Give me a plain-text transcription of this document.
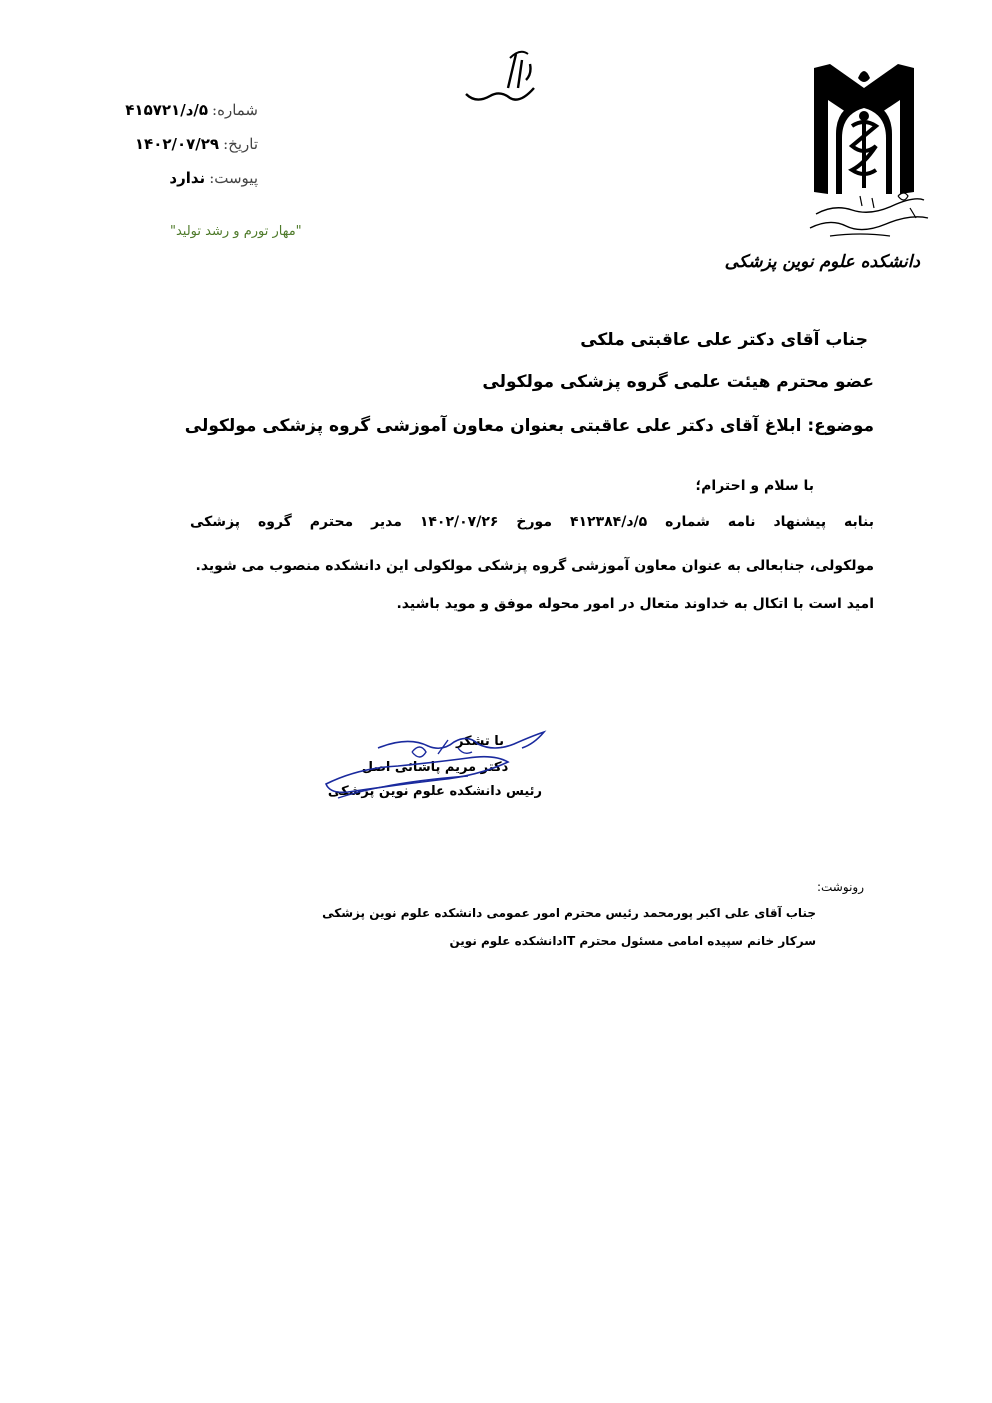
دانشکده علوم نوین پزشکی
شماره:
۵/د/۴۱۵۷۲۱
تاریخ:
۱۴۰۲/۰۷/۲۹
پیوست:
ندارد
"مهار تورم و رشد تولید"
جناب آقای دکتر علی عاقبتی ملکی
عضو محترم هیئت علمی گروه پزشکی مولکولی
موضوع: ابلاغ آقای دکتر علی عاقبتی بعنوان معاون آموزشی گروه پزشکی مولکولی
با سلام و احترام؛
بنابه پیشنهاد نامه شماره ۵/د/۴۱۲۳۸۴ مورخ ۱۴۰۲/۰۷/۲۶ مدیر محترم گروه پزشکی
مولکولی، جنابعالی به عنوان معاون آموزشی گروه پزشکی مولکولی این دانشکده منصوب می شوید.
امید است با اتکال به خداوند متعال در امور محوله موفق و موید باشید.
با تشکر
دکتر مریم پاشائی اصل
رئیس دانشکده علوم نوین پزشکی
رونوشت:
جناب آقای علی اکبر پورمحمد رئیس محترم امور عمومی دانشکده علوم نوین پزشکی
سرکار خانم سپیده امامی مسئول محترم ITدانشکده علوم نوین
